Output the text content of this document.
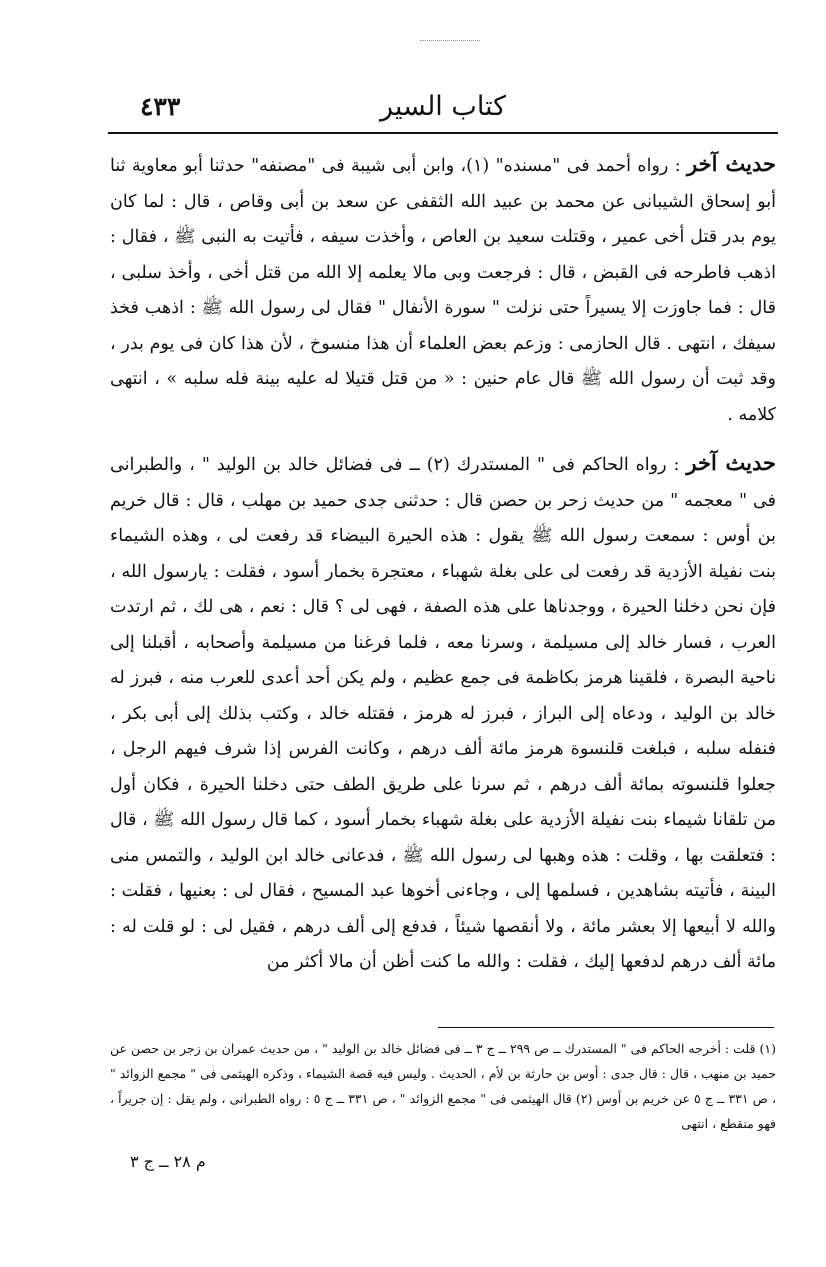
كتاب السير
٤٣٣

حديث آخر : رواه أحمد فى "مسنده" (١)، وابن أبى شيبة فى "مصنفه" حدثنا أبو معاوية ثنا أبو إسحاق الشيبانى عن محمد بن عبيد الله الثقفى عن سعد بن أبى وقاص ، قال : لما كان يوم بدر قتل أخى عمير ، وقتلت سعيد بن العاص ، وأخذت سيفه ، فأتيت به النبى ﷺ ، فقال : اذهب فاطرحه فى القبض ، قال : فرجعت وبى مالا يعلمه إلا الله من قتل أخى ، وأخذ سلبى ، قال : فما جاوزت إلا يسيراً حتى نزلت " سورة الأنفال " فقال لى رسول الله ﷺ : اذهب فخذ سيفك ، انتهى . قال الحازمى : وزعم بعض العلماء أن هذا منسوخ ، لأن هذا كان فى يوم بدر ، وقد ثبت أن رسول الله ﷺ قال عام حنين : « من قتل قتيلا له عليه بينة فله سلبه » ، انتهى كلامه .

حديث آخر : رواه الحاكم فى " المستدرك (٢) ــ فى فضائل خالد بن الوليد " ، والطبرانى فى " معجمه " من حديث زحر بن حصن قال : حدثنى جدى حميد بن مهلب ، قال : قال خريم بن أوس : سمعت رسول الله ﷺ يقول : هذه الحيرة البيضاء قد رفعت لى ، وهذه الشيماء بنت نفيلة الأزدية قد رفعت لى على بغلة شهباء ، معتجرة بخمار أسود ، فقلت : يارسول الله ، فإن نحن دخلنا الحيرة ، ووجدناها على هذه الصفة ، فهى لى ؟ قال : نعم ، هى لك ، ثم ارتدت العرب ، فسار خالد إلى مسيلمة ، وسرنا معه ، فلما فرغنا من مسيلمة وأصحابه ، أقبلنا إلى ناحية البصرة ، فلقينا هرمز بكاظمة فى جمع عظيم ، ولم يكن أحد أعدى للعرب منه ، فبرز له خالد بن الوليد ، ودعاه إلى البراز ، فبرز له هرمز ، فقتله خالد ، وكتب بذلك إلى أبى بكر ، فنفله سلبه ، فبلغت قلنسوة هرمز مائة ألف درهم ، وكانت الفرس إذا شرف فيهم الرجل ، جعلوا قلنسوته بمائة ألف درهم ، ثم سرنا على طريق الطف حتى دخلنا الحيرة ، فكان أول من تلقانا شيماء بنت نفيلة الأزدية على بغلة شهباء بخمار أسود ، كما قال رسول الله ﷺ ، قال : فتعلقت بها ، وقلت : هذه وهبها لى رسول الله ﷺ ، فدعانى خالد ابن الوليد ، والتمس منى البينة ، فأتيته بشاهدين ، فسلمها إلى ، وجاءنى أخوها عبد المسيح ، فقال لى : بعنيها ، فقلت : والله لا أبيعها إلا بعشر مائة ، ولا أنقصها شيئاً ، فدفع إلى ألف درهم ، فقيل لى : لو قلت له : مائة ألف درهم لدفعها إليك ، فقلت : والله ما كنت أظن أن مالا أكثر من

(١) قلت : أخرجه الحاكم فى " المستدرك ــ ص ٢٩٩ ــ ج ٣ ــ فى فضائل خالد بن الوليد " ، من حديث عمران بن زجر بن حصن عن حميد بن منهب ، قال : قال جدى : أوس بن حارثة بن لأم ، الحديث . وليس فيه قصة الشيماء ، وذكره الهيثمى فى " مجمع الزوائد " ، ص ٣٣١ ــ ج ٥ عن خريم بن أوس (٢) قال الهيثمى فى " مجمع الزوائد " ، ص ٣٣١ ــ ج ٥ : رواه الطبرانى ، ولم يقل : إن جريراً ، فهو منقطع ، انتهى

م ٢٨ ــ ج ٣
